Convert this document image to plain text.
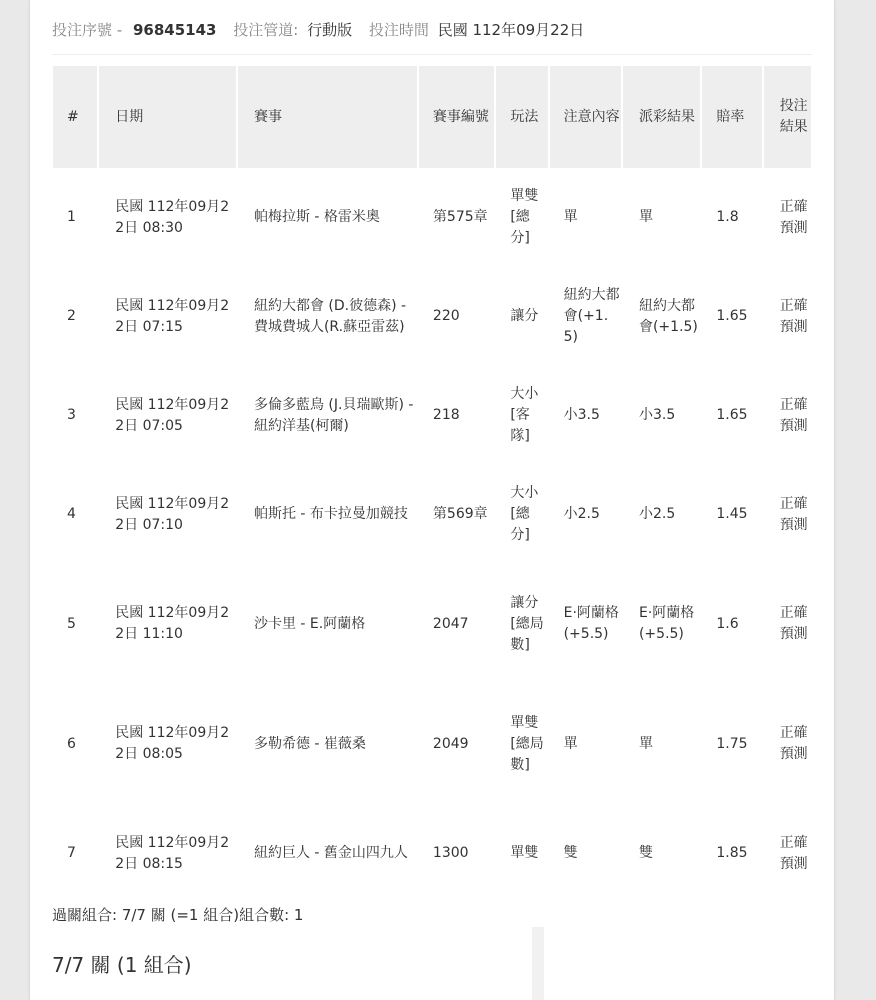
投注序號 - 96845143 投注管道: 行動版 投注時間 民國 112年09月22日
#	日期	賽事	賽事編號	玩法	注意內容	派彩結果	賠率	投注結果
1	民國 112年09月22日 08:30	帕梅拉斯 - 格雷米奧	第575章	單雙[總分]	單	單	1.8	正確預測
2	民國 112年09月22日 07:15	紐約大都會 (D.彼德森) - 費城費城人(R.蘇亞雷茲)	220	讓分	紐約大都會(+1.5)	紐約大都會(+1.5)	1.65	正確預測
3	民國 112年09月22日 07:05	多倫多藍鳥 (J.貝瑞歐斯) - 紐約洋基(柯爾)	218	大小[客隊]	小3.5	小3.5	1.65	正確預測
4	民國 112年09月22日 07:10	帕斯托 - 布卡拉曼加競技	第569章	大小[總分]	小2.5	小2.5	1.45	正確預測
5	民國 112年09月22日 11:10	沙卡里 - E.阿蘭格	2047	讓分[總局數]	E·阿蘭格(+5.5)	E·阿蘭格(+5.5)	1.6	正確預測
6	民國 112年09月22日 08:05	多勒希德 - 崔薇桑	2049	單雙[總局數]	單	單	1.75	正確預測
7	民國 112年09月22日 08:15	紐約巨人 - 舊金山四九人	1300	單雙	雙	雙	1.85	正確預測
過關組合: 7/7 關 (=1 組合)組合數: 1
7/7 關 (1 組合)
